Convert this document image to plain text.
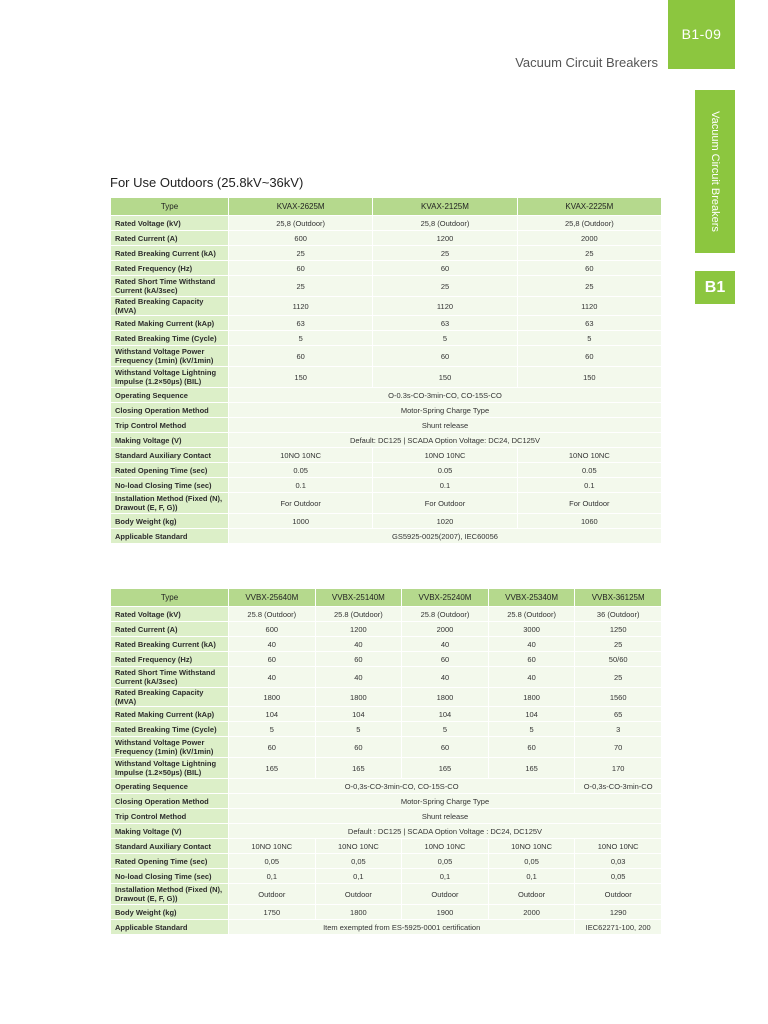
B1-09
Vacuum Circuit Breakers
Vacuum Circuit Breakers
B1
For Use Outdoors (25.8kV~36kV)
Type	KVAX-2625M	KVAX-2125M	KVAX-2225M
Rated Voltage (kV)	25,8 (Outdoor)	25,8 (Outdoor)	25,8 (Outdoor)
Rated Current (A)	600	1200	2000
Rated Breaking Current (kA)	25	25	25
Rated Frequency (Hz)	60	60	60
Rated Short Time Withstand Current (kA/3sec)	25	25	25
Rated Breaking Capacity (MVA)	1120	1120	1120
Rated Making Current (kAp)	63	63	63
Rated Breaking Time (Cycle)	5	5	5
Withstand Voltage Power Frequency (1min) (kV/1min)	60	60	60
Withstand Voltage Lightning Impulse (1.2×50µs) (BIL)	150	150	150
Operating Sequence	O-0.3s-CO-3min-CO, CO-15S-CO		
Closing Operation Method	Motor-Spring Charge Type		
Trip Control Method	Shunt release		
Making Voltage (V)	Default: DC125 | SCADA Option Voltage: DC24, DC125V		
Standard Auxiliary Contact	10NO 10NC	10NO 10NC	10NO 10NC
Rated Opening Time (sec)	0.05	0.05	0.05
No-load Closing Time (sec)	0.1	0.1	0.1
Installation Method (Fixed (N), Drawout (E, F, G))	For Outdoor	For Outdoor	For Outdoor
Body Weight (kg)	1000	1020	1060
Applicable Standard	GS5925-0025(2007), IEC60056		
Type	VVBX-25640M	VVBX-25140M	VVBX-25240M	VVBX-25340M	VVBX-36125M
Rated Voltage (kV)	25.8 (Outdoor)	25.8 (Outdoor)	25.8 (Outdoor)	25.8 (Outdoor)	36 (Outdoor)
Rated Current (A)	600	1200	2000	3000	1250
Rated Breaking Current (kA)	40	40	40	40	25
Rated Frequency (Hz)	60	60	60	60	50/60
Rated Short Time Withstand Current (kA/3sec)	40	40	40	40	25
Rated Breaking Capacity (MVA)	1800	1800	1800	1800	1560
Rated Making Current (kAp)	104	104	104	104	65
Rated Breaking Time (Cycle)	5	5	5	5	3
Withstand Voltage Power Frequency (1min) (kV/1min)	60	60	60	60	70
Withstand Voltage Lightning Impulse (1.2×50µs) (BIL)	165	165	165	165	170
Operating Sequence	O-0,3s-CO-3min-CO, CO-15S-CO				O-0,3s-CO-3min-CO
Closing Operation Method	Motor-Spring Charge Type				
Trip Control Method	Shunt release				
Making Voltage (V)	Default : DC125 | SCADA Option Voltage : DC24, DC125V				
Standard Auxiliary Contact	10NO 10NC	10NO 10NC	10NO 10NC	10NO 10NC	10NO 10NC
Rated Opening Time (sec)	0,05	0,05	0,05	0,05	0,03
No-load Closing Time (sec)	0,1	0,1	0,1	0,1	0,05
Installation Method (Fixed (N), Drawout (E, F, G))	Outdoor	Outdoor	Outdoor	Outdoor	Outdoor
Body Weight (kg)	1750	1800	1900	2000	1290
Applicable Standard	Item exempted from ES-5925-0001 certification				IEC62271-100, 200
